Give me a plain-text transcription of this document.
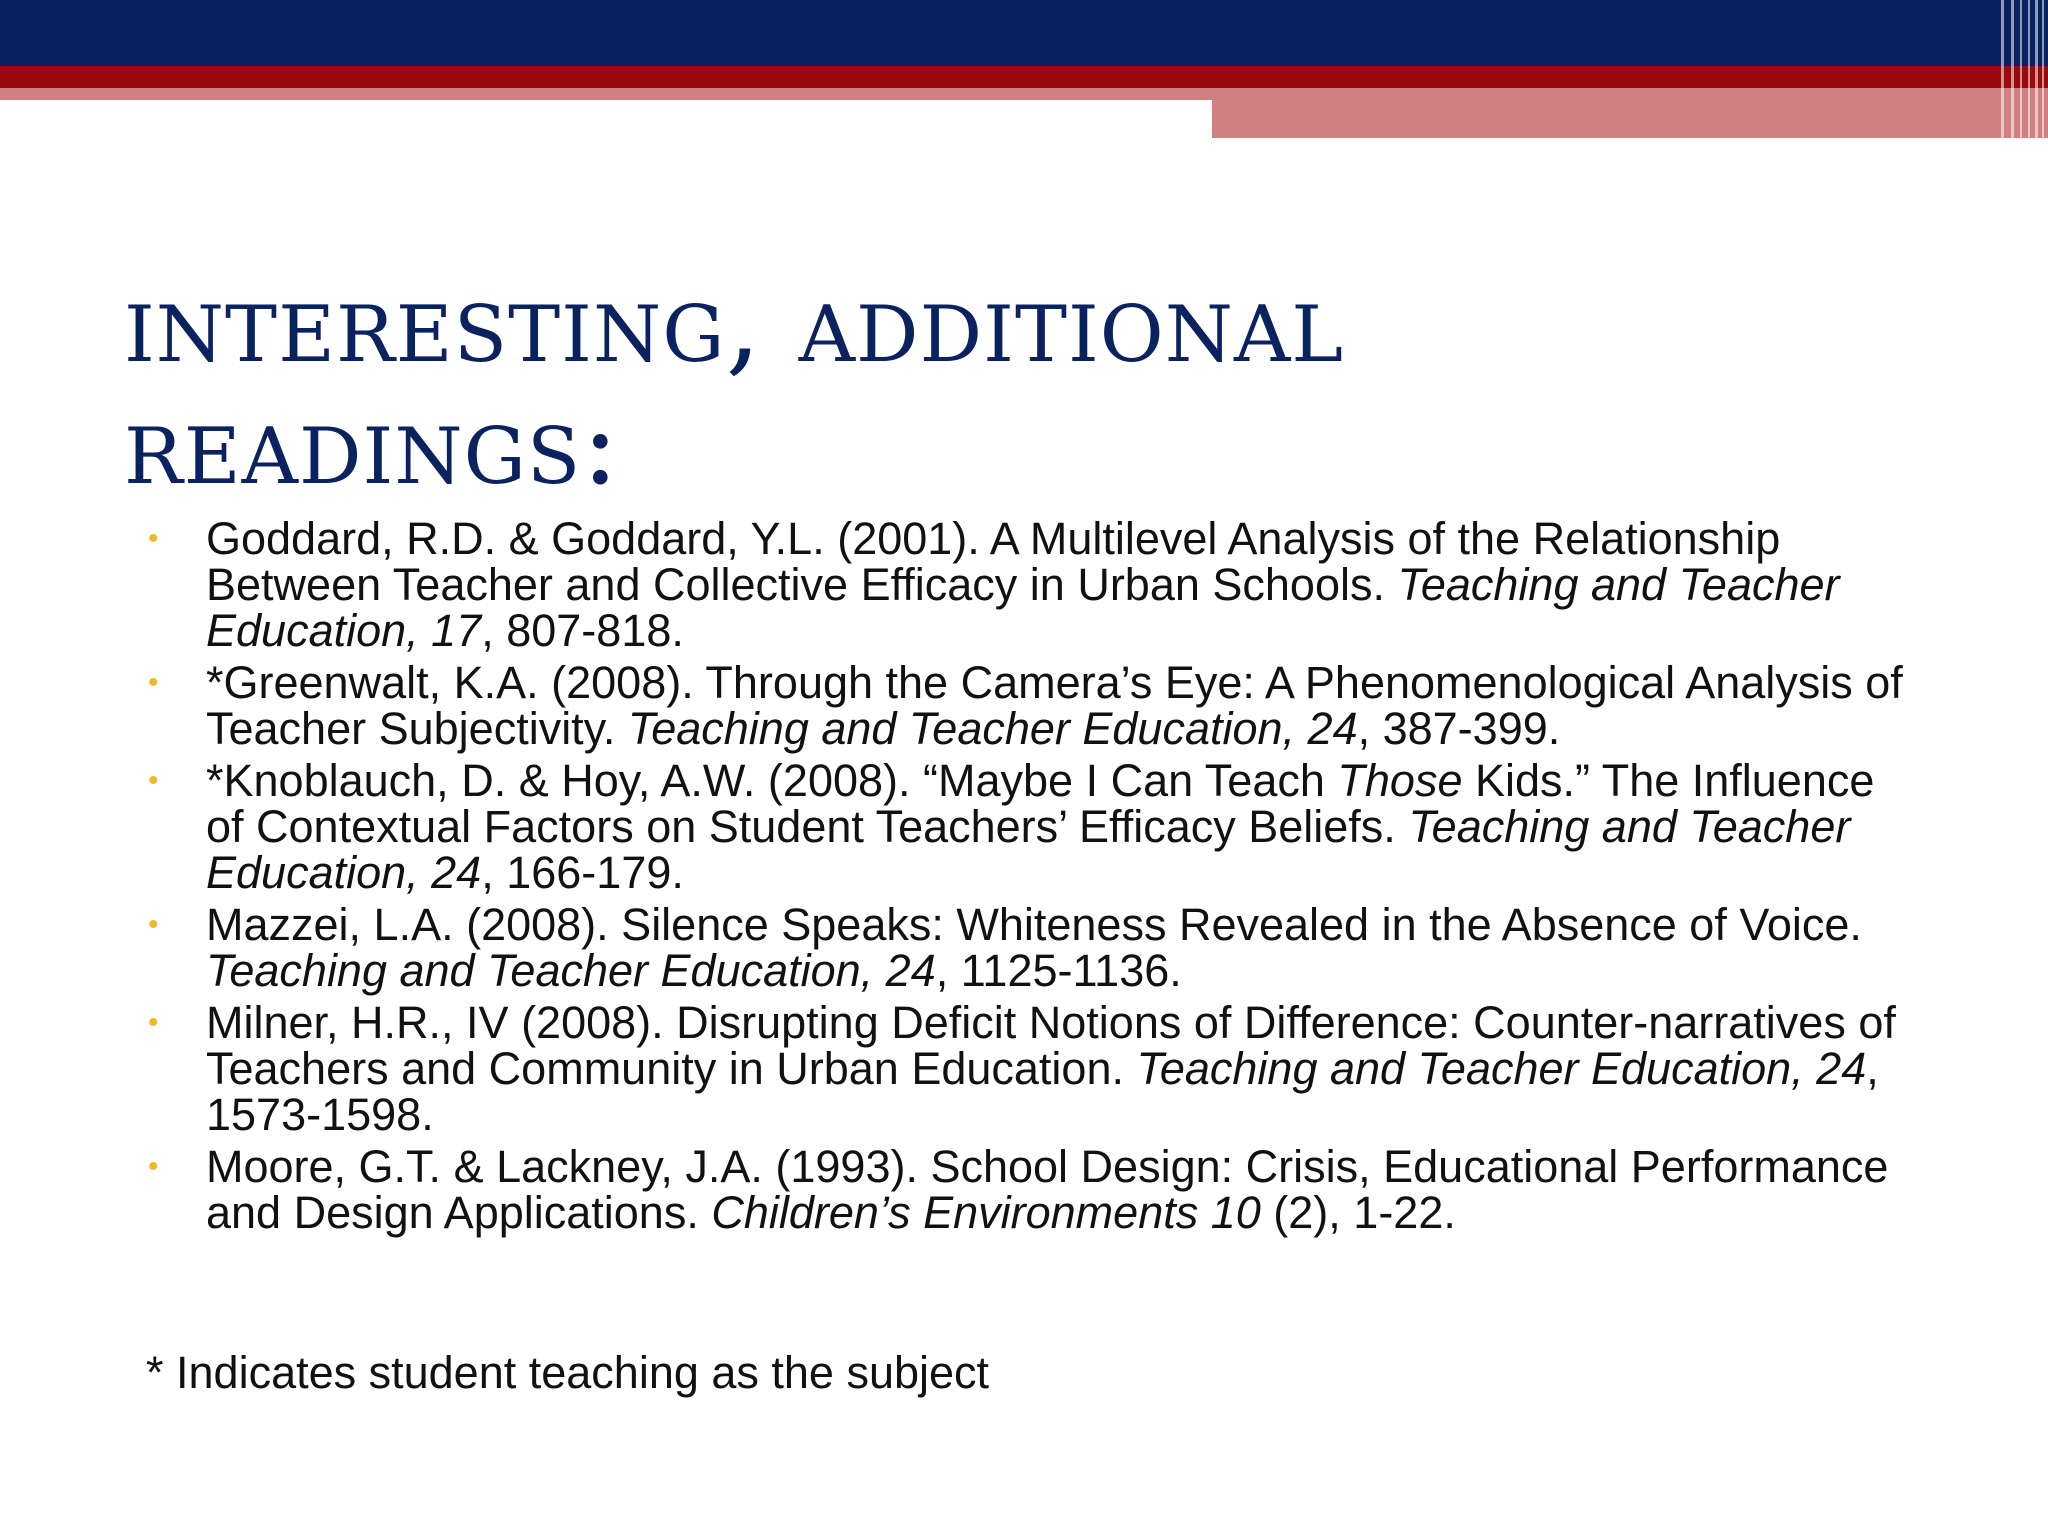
interesting, additional readings:
• Goddard, R.D. & Goddard, Y.L. (2001). A Multilevel Analysis of the Relationship Between Teacher and Collective Efficacy in Urban Schools. Teaching and Teacher Education, 17, 807-818.
• *Greenwalt, K.A. (2008). Through the Camera’s Eye: A Phenomenological Analysis of Teacher Subjectivity. Teaching and Teacher Education, 24, 387-399.
• *Knoblauch, D. & Hoy, A.W. (2008). “Maybe I Can Teach Those Kids.” The Influence of Contextual Factors on Student Teachers’ Efficacy Beliefs. Teaching and Teacher Education, 24, 166-179.
• Mazzei, L.A. (2008). Silence Speaks: Whiteness Revealed in the Absence of Voice. Teaching and Teacher Education, 24, 1125-1136.
• Milner, H.R., IV (2008). Disrupting Deficit Notions of Difference: Counter-narratives of Teachers and Community in Urban Education. Teaching and Teacher Education, 24, 1573-1598.
• Moore, G.T. & Lackney, J.A. (1993). School Design: Crisis, Educational Performance and Design Applications. Children’s Environments 10 (2), 1-22.

* Indicates student teaching as the subject
